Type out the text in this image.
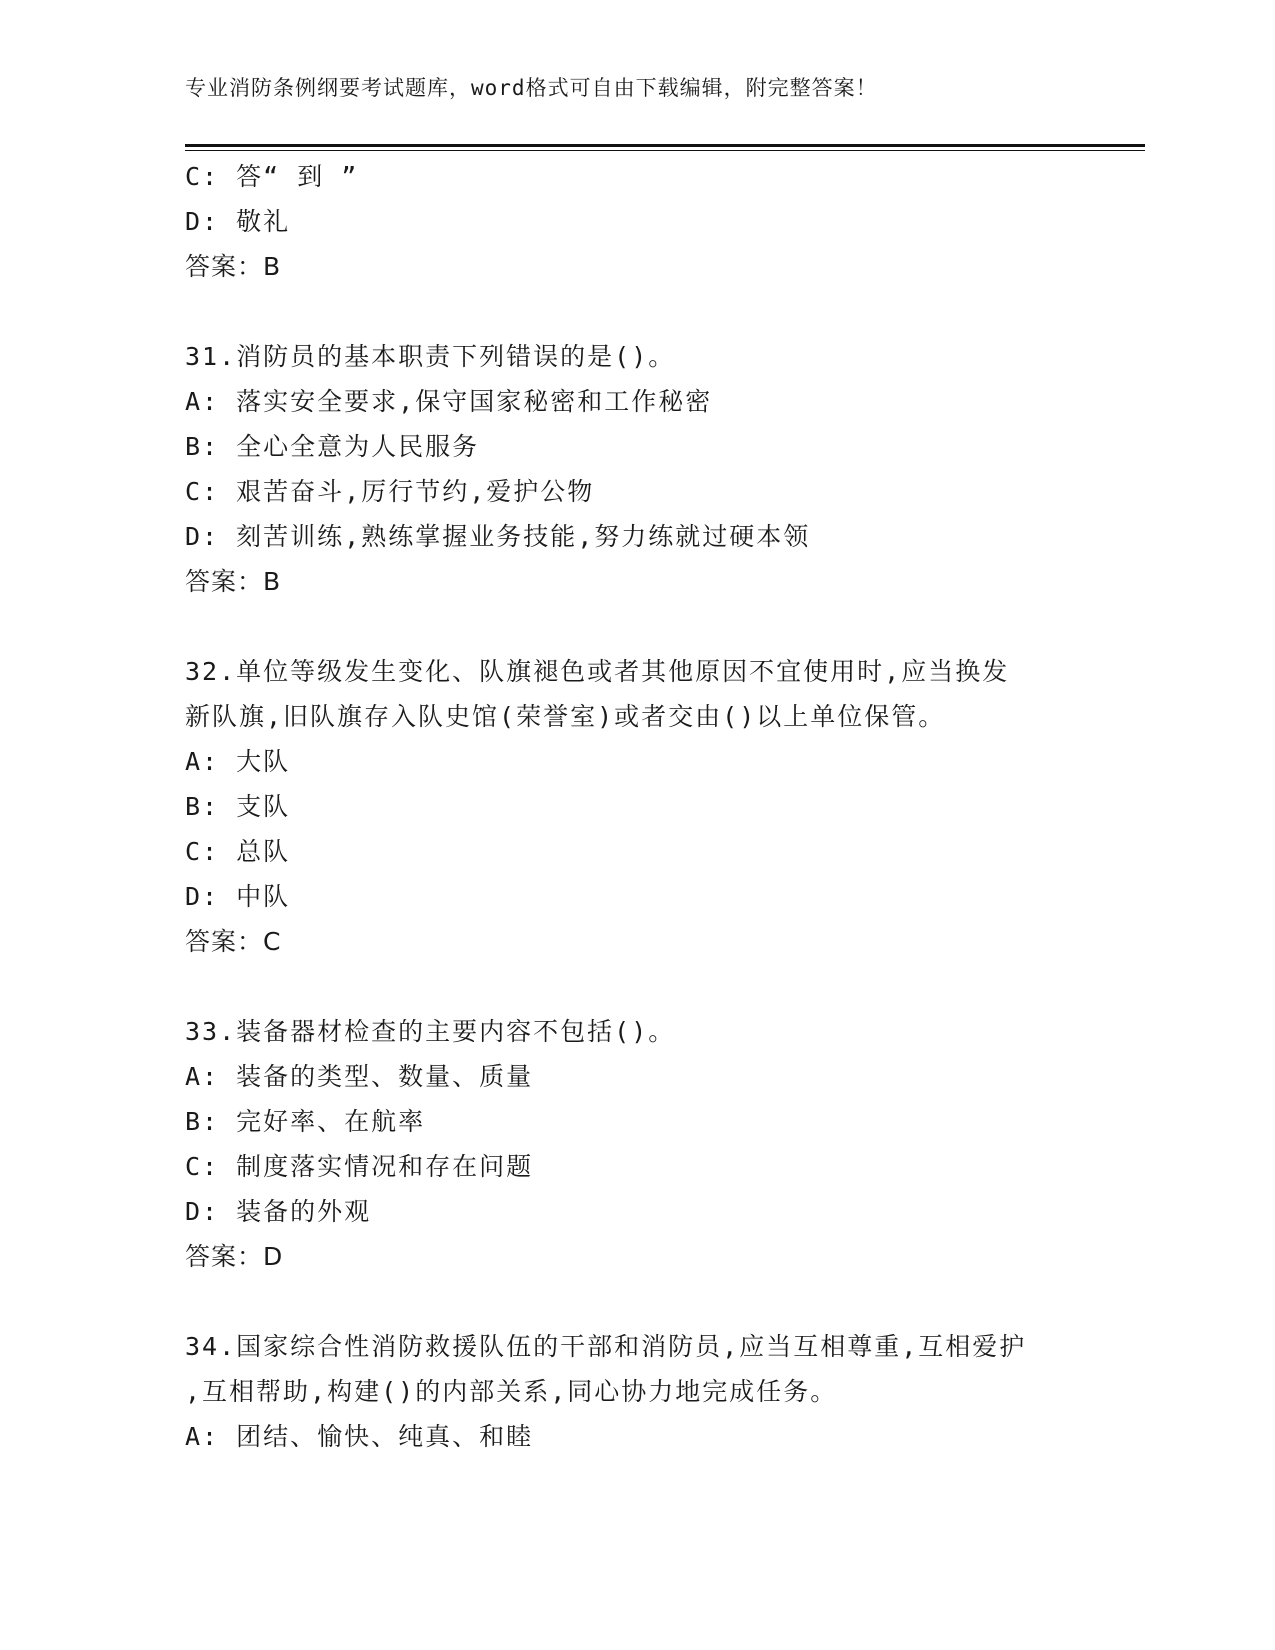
专业消防条例纲要考试题库，word格式可自由下载编辑，附完整答案！
C: 答“ 到 ”
D: 敬礼
答案：B
31.消防员的基本职责下列错误的是()。
A: 落实安全要求,保守国家秘密和工作秘密
B: 全心全意为人民服务
C: 艰苦奋斗,厉行节约,爱护公物
D: 刻苦训练,熟练掌握业务技能,努力练就过硬本领
答案：B
32.单位等级发生变化、队旗褪色或者其他原因不宜使用时,应当换发
新队旗,旧队旗存入队史馆(荣誉室)或者交由()以上单位保管。
A: 大队
B: 支队
C: 总队
D: 中队
答案：C
33.装备器材检查的主要内容不包括()。
A: 装备的类型、数量、质量
B: 完好率、在航率
C: 制度落实情况和存在问题
D: 装备的外观
答案：D
34.国家综合性消防救援队伍的干部和消防员,应当互相尊重,互相爱护
,互相帮助,构建()的内部关系,同心协力地完成任务。
A: 团结、愉快、纯真、和睦
